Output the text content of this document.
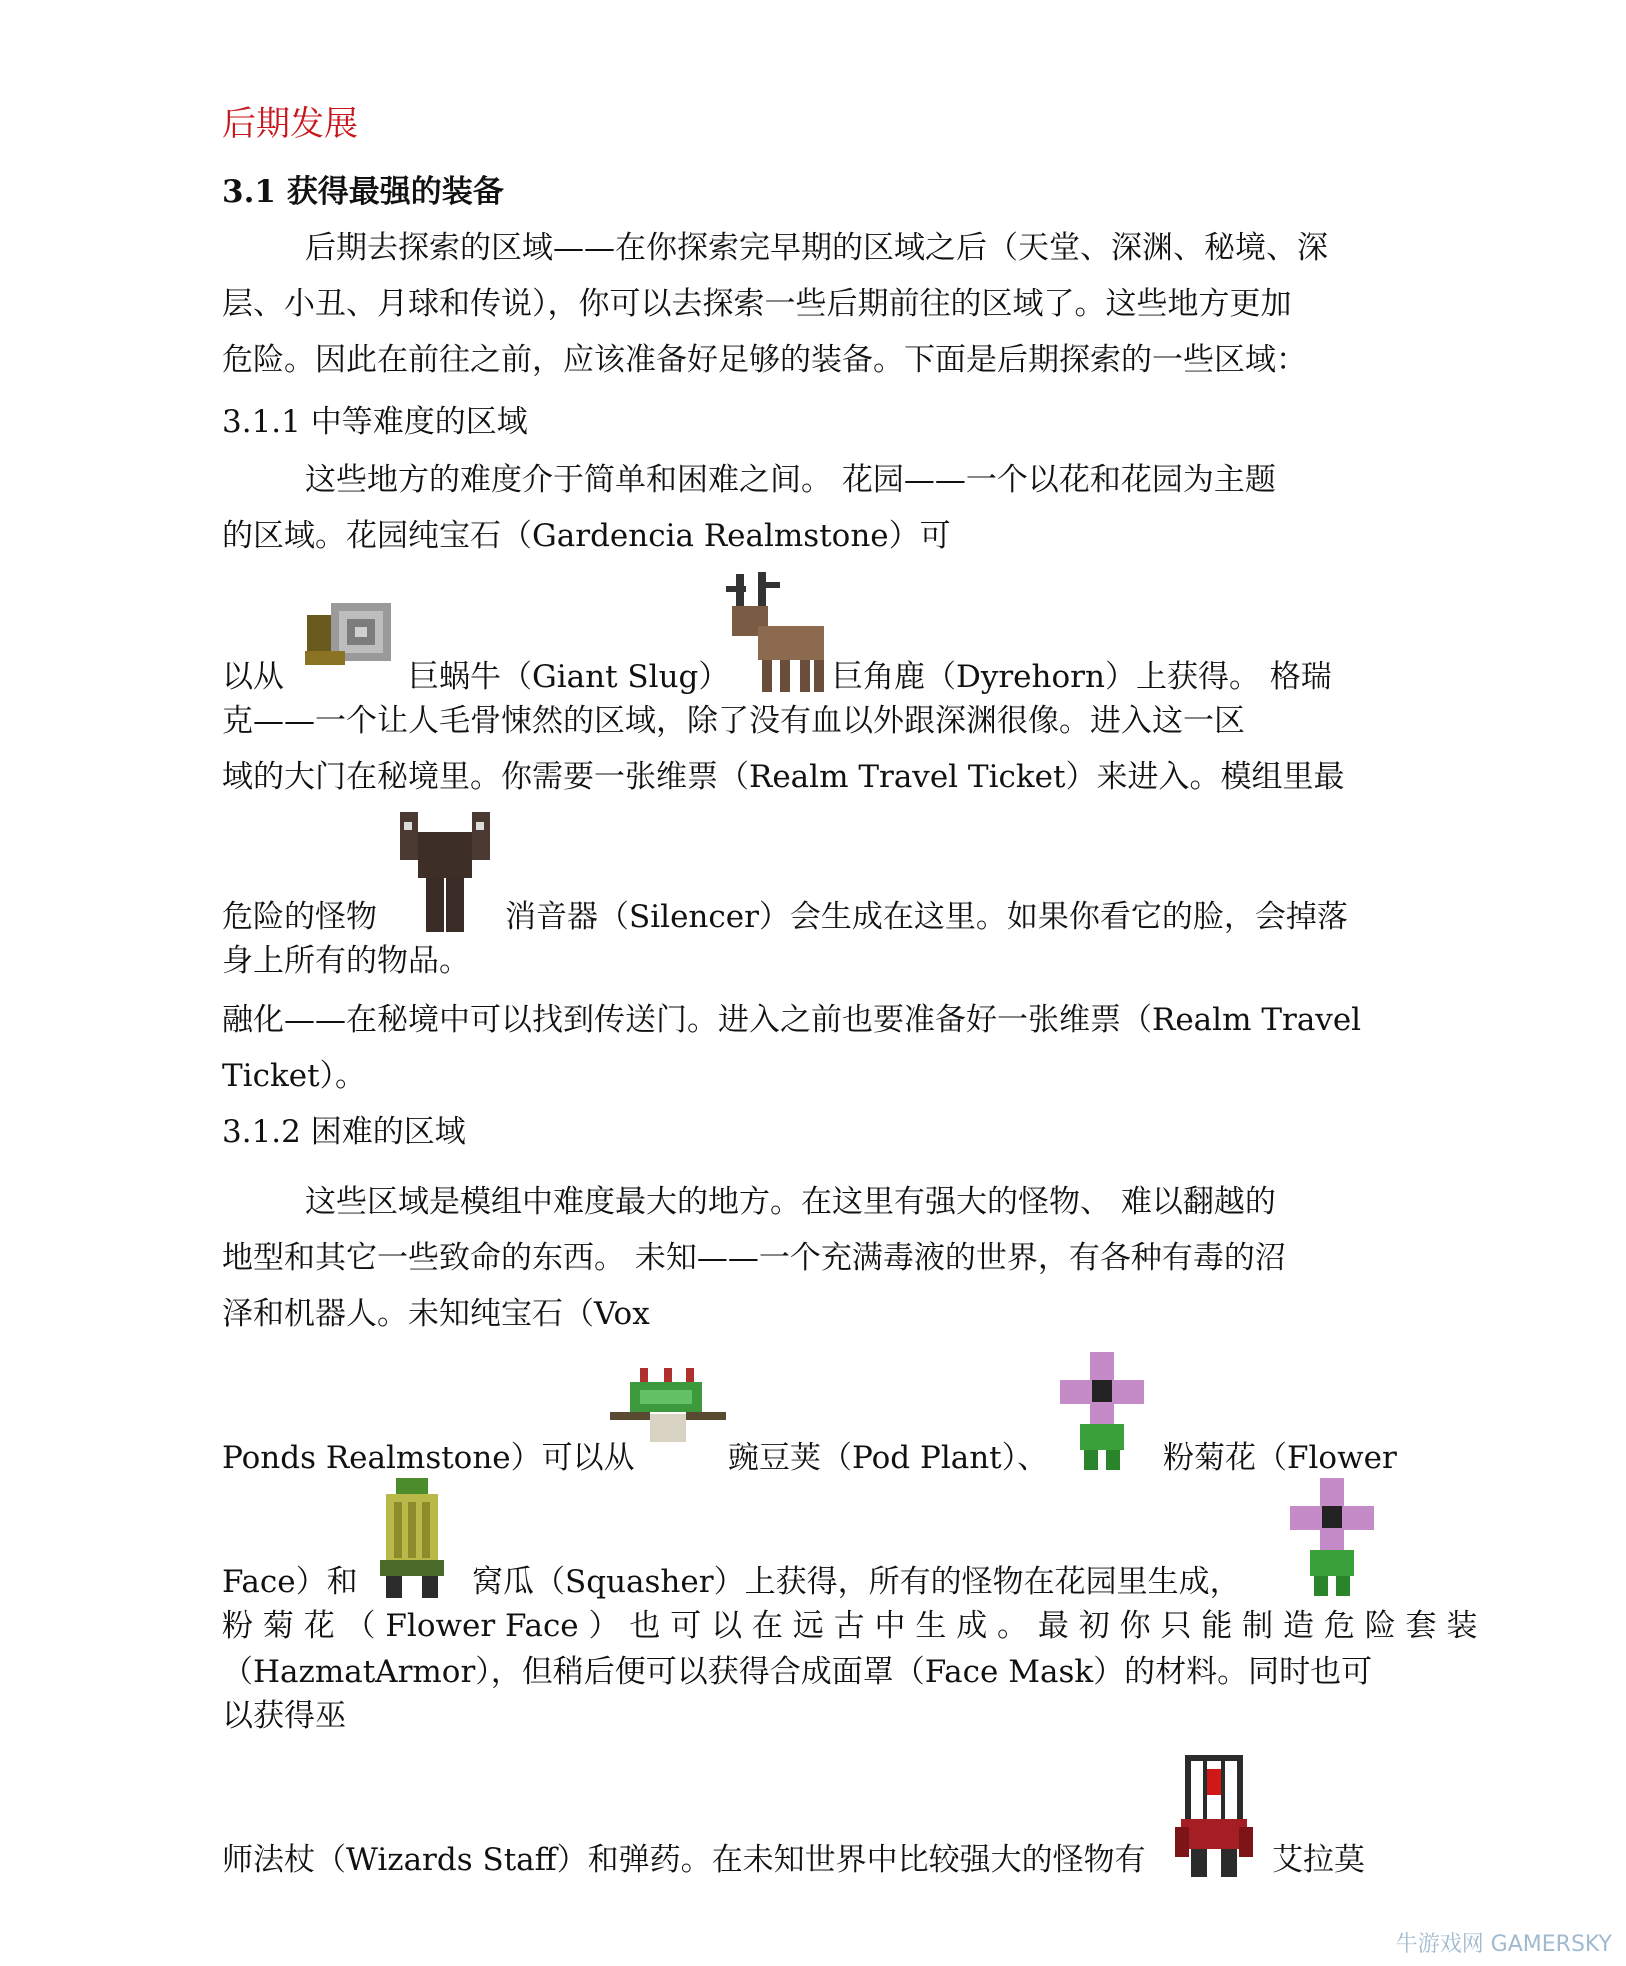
后期发展
3.1 获得最强的装备
后期去探索的区域——在你探索完早期的区域之后（天堂、深渊、秘境、深
层、小丑、月球和传说），你可以去探索一些后期前往的区域了。这些地方更加
危险。因此在前往之前，应该准备好足够的装备。下面是后期探索的一些区域：
3.1.1 中等难度的区域
这些地方的难度介于简单和困难之间。 花园——一个以花和花园为主题
的区域。花园纯宝石（Gardencia Realmstone）可
以从	巨蜗牛（Giant Slug）	巨角鹿（Dyrehorn）上获得。 格瑞
克——一个让人毛骨悚然的区域，除了没有血以外跟深渊很像。进入这一区
域的大门在秘境里。你需要一张维票（Realm Travel Ticket）来进入。模组里最
危险的怪物	消音器（Silencer）会生成在这里。如果你看它的脸，会掉落
身上所有的物品。
融化——在秘境中可以找到传送门。进入之前也要准备好一张维票（Realm Travel
Ticket）。
3.1.2 困难的区域
这些区域是模组中难度最大的地方。在这里有强大的怪物、 难以翻越的
地型和其它一些致命的东西。 未知——一个充满毒液的世界，有各种有毒的沼
泽和机器人。未知纯宝石（Vox
Ponds Realmstone）可以从	豌豆荚（Pod Plant）、	粉菊花（Flower
Face）和	窝瓜（Squasher）上获得，所有的怪物在花园里生成，
粉 菊 花 （ Flower Face ） 也 可 以 在 远 古 中 生 成 。 最 初 你 只 能 制 造 危 险 套 装
（HazmatArmor），但稍后便可以获得合成面罩（Face Mask）的材料。同时也可
以获得巫
师法杖（Wizards Staff）和弹药。在未知世界中比较强大的怪物有	艾拉莫
牛游戏网 GAMERSKY
